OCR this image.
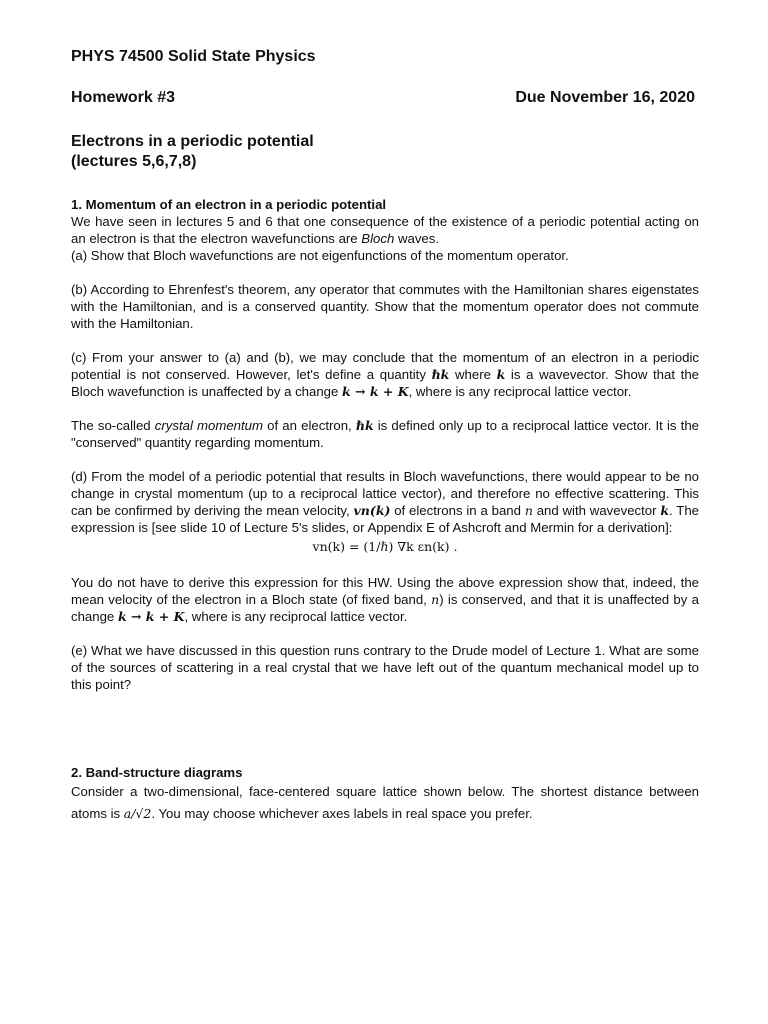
PHYS 74500 Solid State Physics
Homework #3	Due November 16, 2020
Electrons in a periodic potential
(lectures 5,6,7,8)
1. Momentum of an electron in a periodic potential

We have seen in lectures 5 and 6 that one consequence of the existence of a periodic potential acting on an electron is that the electron wavefunctions are Bloch waves.

(a) Show that Bloch wavefunctions are not eigenfunctions of the momentum operator.

(b) According to Ehrenfest's theorem, any operator that commutes with the Hamiltonian shares eigenstates with the Hamiltonian, and is a conserved quantity. Show that the momentum operator does not commute with the Hamiltonian.

(c) From your answer to (a) and (b), we may conclude that the momentum of an electron in a periodic potential is not conserved. However, let's define a quantity ℏk where k is a wavevector. Show that the Bloch wavefunction is unaffected by a change k → k + K, where is any reciprocal lattice vector.

The so-called crystal momentum of an electron, ℏk is defined only up to a reciprocal lattice vector. It is the "conserved" quantity regarding momentum.

(d) From the model of a periodic potential that results in Bloch wavefunctions, there would appear to be no change in crystal momentum (up to a reciprocal lattice vector), and therefore no effective scattering. This can be confirmed by deriving the mean velocity, vn(k) of electrons in a band n and with wavevector k. The expression is [see slide 10 of Lecture 5's slides, or Appendix E of Ashcroft and Mermin for a derivation]:

vn(k) = (1/ℏ) ∇k εn(k) .

You do not have to derive this expression for this HW. Using the above expression show that, indeed, the mean velocity of the electron in a Bloch state (of fixed band, n) is conserved, and that it is unaffected by a change k → k + K, where is any reciprocal lattice vector.

(e) What we have discussed in this question runs contrary to the Drude model of Lecture 1. What are some of the sources of scattering in a real crystal that we have left out of the quantum mechanical model up to this point?

2. Band-structure diagrams

Consider a two-dimensional, face-centered square lattice shown below. The shortest distance between atoms is a/√2. You may choose whichever axes labels in real space you prefer.
